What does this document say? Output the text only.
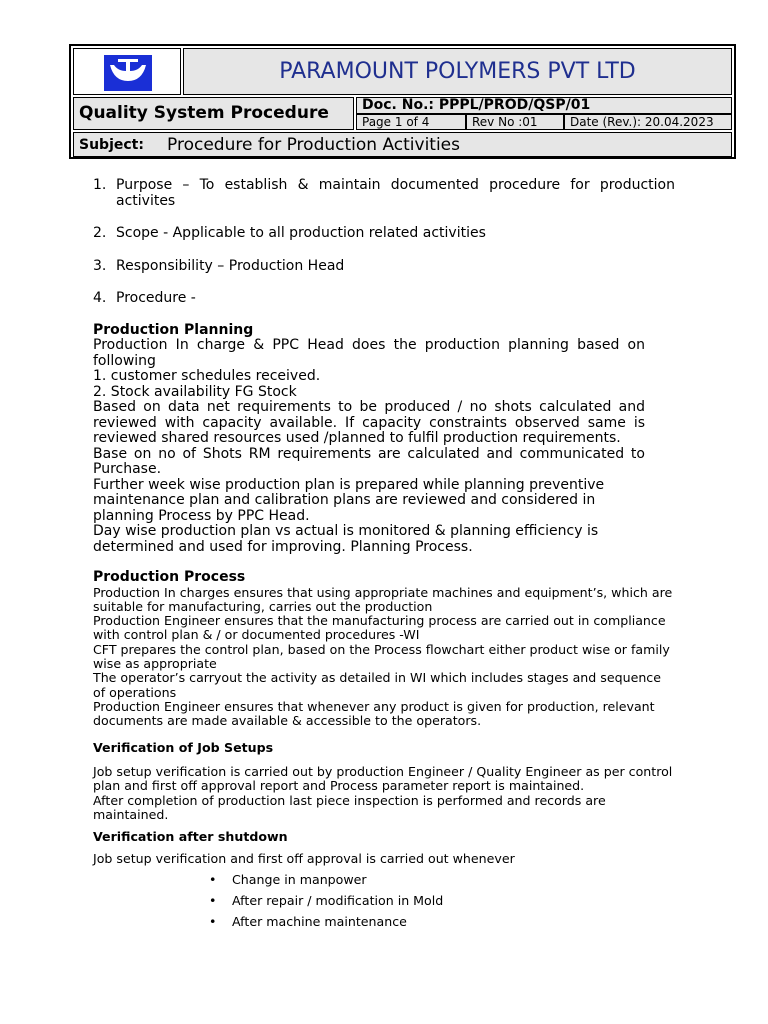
PARAMOUNT POLYMERS PVT LTD
Quality System Procedure Doc. No.: PPPL/PROD/QSP/01
Page 1 of 4	Rev No :01	Date (Rev.): 20.04.2023
Subject: Procedure for Production Activities
1. Purpose – To establish & maintain documented procedure for production activites
2. Scope - Applicable to all production related activities
3. Responsibility – Production Head
4. Procedure -
Production Planning
Production In charge & PPC Head does the production planning based on following
1. customer schedules received.
2. Stock availability FG Stock
Based on data net requirements to be produced / no shots calculated and reviewed with capacity available. If capacity constraints observed same is reviewed shared resources used /planned to fulfil production requirements.
Base on no of Shots RM requirements are calculated and communicated to Purchase.
Further week wise production plan is prepared while planning preventive maintenance plan and calibration plans are reviewed and considered in planning Process by PPC Head.
Day wise production plan vs actual is monitored & planning efficiency is determined and used for improving. Planning Process.
Production Process
Production In charges ensures that using appropriate machines and equipment’s, which are suitable for manufacturing, carries out the production
Production Engineer ensures that the manufacturing process are carried out in compliance with control plan & / or documented procedures -WI
CFT prepares the control plan, based on the Process flowchart either product wise or family wise as appropriate
The operator’s carryout the activity as detailed in WI which includes stages and sequence of operations
Production Engineer ensures that whenever any product is given for production, relevant documents are made available & accessible to the operators.
Verification of Job Setups
Job setup verification is carried out by production Engineer / Quality Engineer as per control plan and first off approval report and Process parameter report is maintained.
After completion of production last piece inspection is performed and records are maintained.
Verification after shutdown
Job setup verification and first off approval is carried out whenever
• Change in manpower
• After repair / modification in Mold
• After machine maintenance
